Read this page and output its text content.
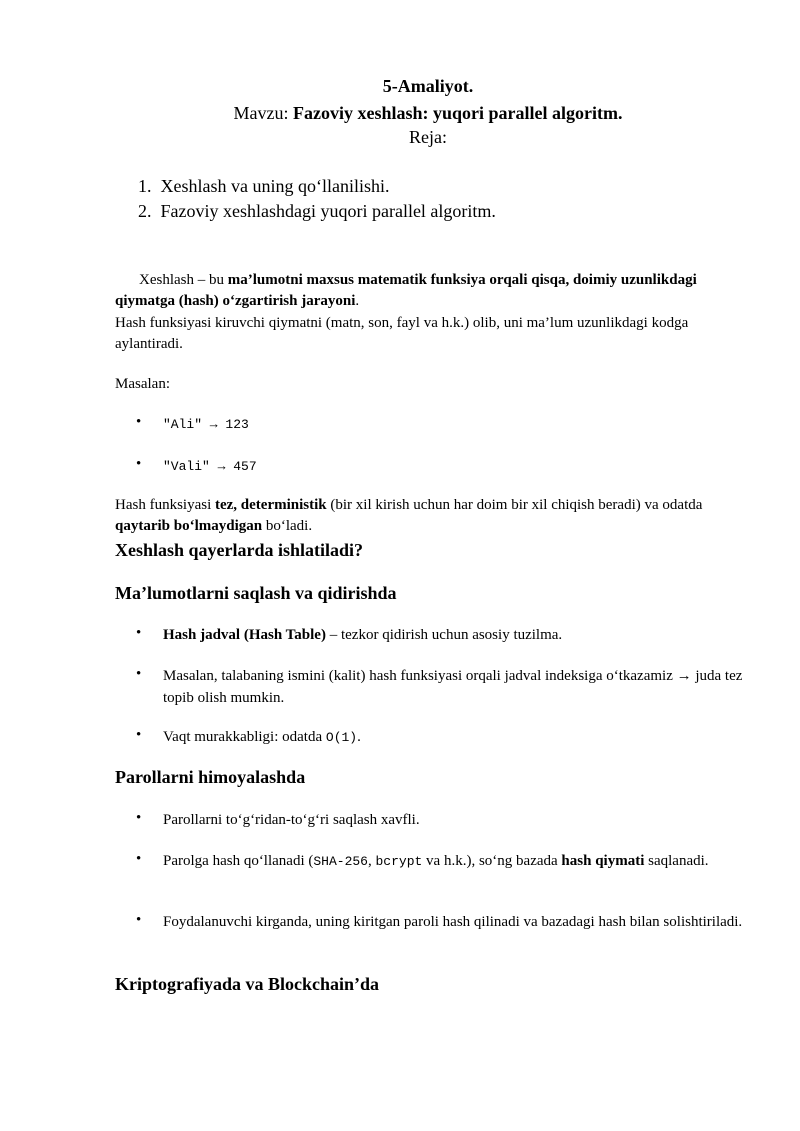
5-Amaliyot.
Mavzu: Fazoviy xeshlash: yuqori parallel algoritm.
Reja:
1. Xeshlash va uning qo‘llanilishi.
2. Fazoviy xeshlashdagi yuqori parallel algoritm.
Xeshlash – bu ma’lumotni maxsus matematik funksiya orqali qisqa, doimiy uzunlikdagi qiymatga (hash) o‘zgartirish jarayoni.
Hash funksiyasi kiruvchi qiymatni (matn, son, fayl va h.k.) olib, uni ma’lum uzunlikdagi kodga aylantiradi.
Masalan:
• "Ali" → 123
• "Vali" → 457
Hash funksiyasi tez, deterministik (bir xil kirish uchun har doim bir xil chiqish beradi) va odatda qaytarib bo‘lmaydigan bo‘ladi.
Xeshlash qayerlarda ishlatiladi?
Ma’lumotlarni saqlash va qidirishda
• Hash jadval (Hash Table) – tezkor qidirish uchun asosiy tuzilma.
• Masalan, talabaning ismini (kalit) hash funksiyasi orqali jadval indeksiga o‘tkazamiz → juda tez topib olish mumkin.
• Vaqt murakkabligi: odatda O(1).
Parollarni himoyalashda
• Parollarni to‘g‘ridan-to‘g‘ri saqlash xavfli.
• Parolga hash qo‘llanadi (SHA-256, bcrypt va h.k.), so‘ng bazada hash qiymati saqlanadi.
• Foydalanuvchi kirganda, uning kiritgan paroli hash qilinadi va bazadagi hash bilan solishtiriladi.
Kriptografiyada va Blockchain’da
